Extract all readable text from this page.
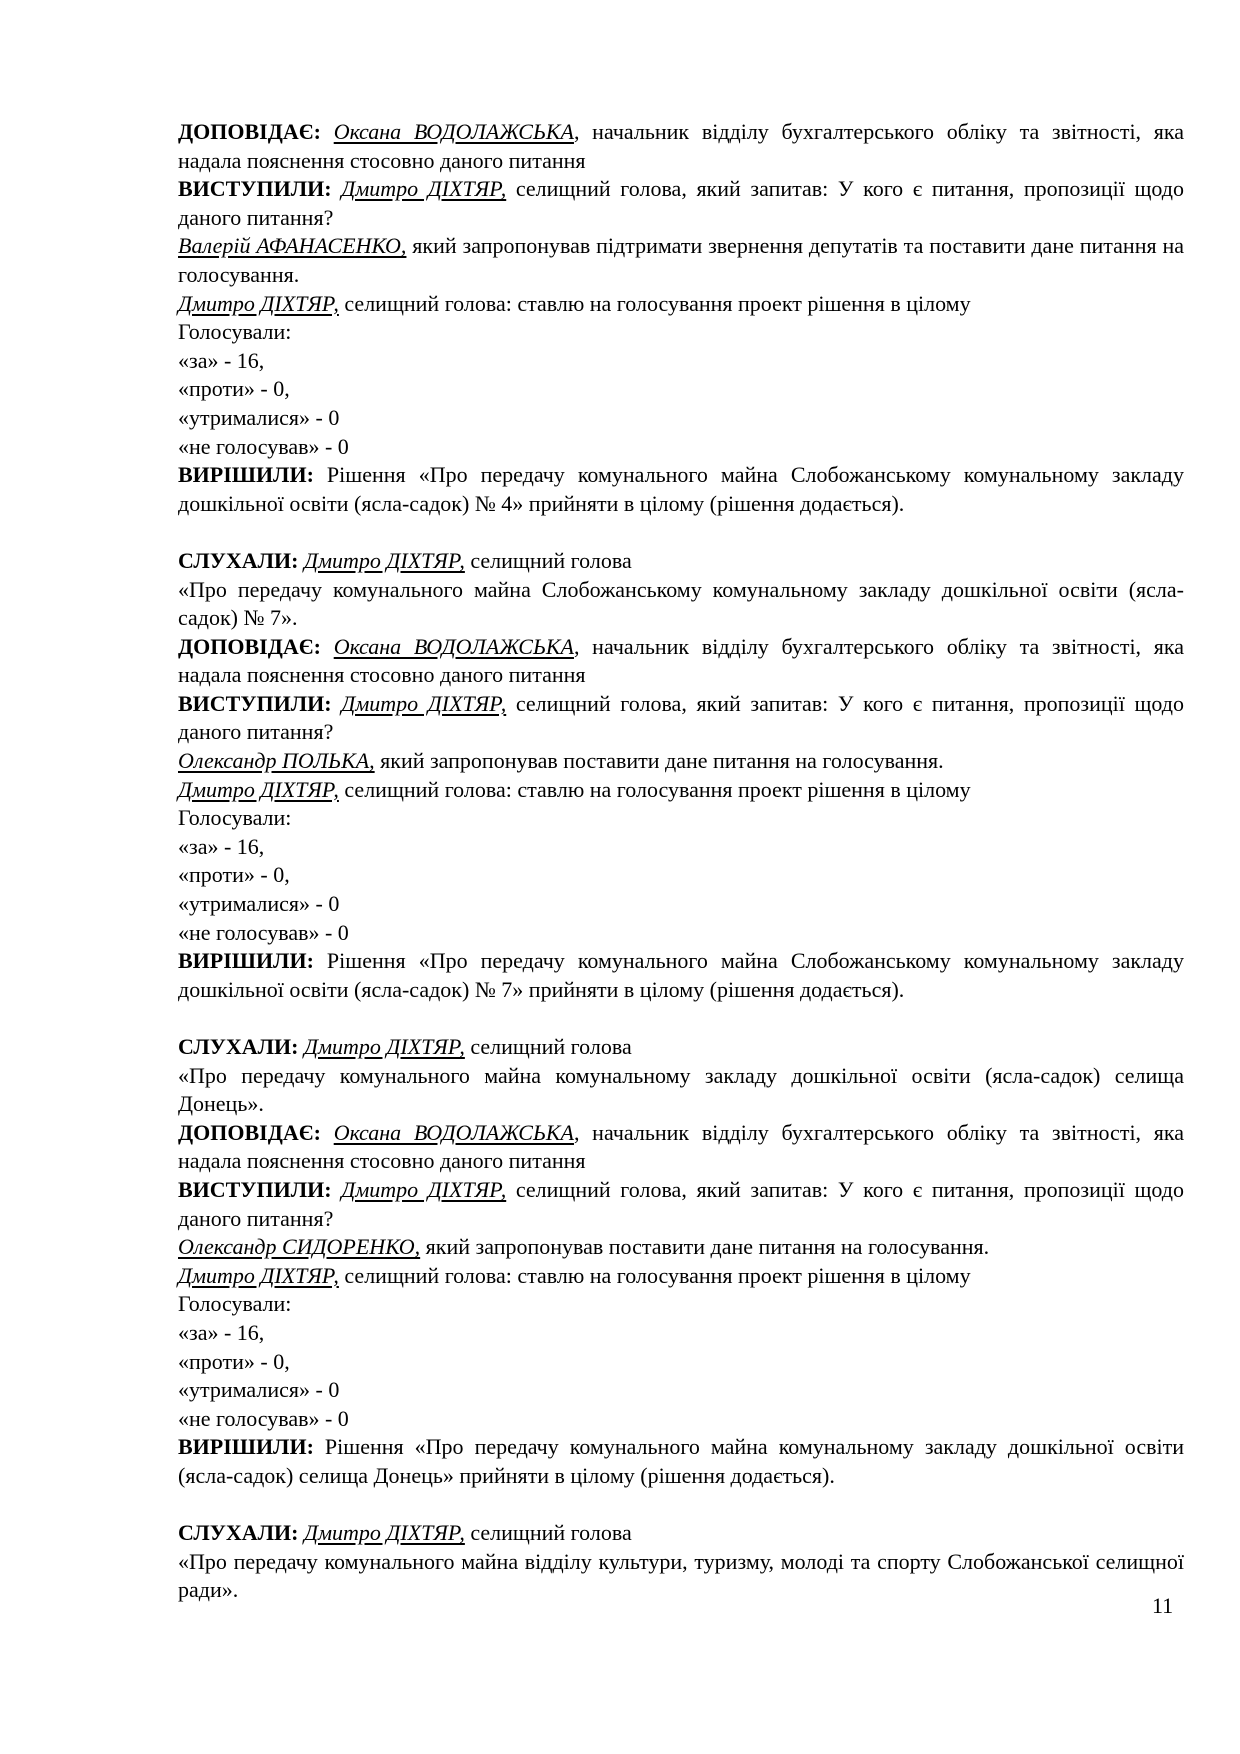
ДОПОВІДАЄ: Оксана ВОДОЛАЖСЬКА, начальник відділу бухгалтерського обліку та звітності, яка надала пояснення стосовно даного питання

ВИСТУПИЛИ: Дмитро ДІХТЯР, селищний голова, який запитав: У кого є питання, пропозиції щодо даного питання?

Валерій АФАНАСЕНКО, який запропонував підтримати звернення депутатів та поставити дане питання на голосування.

Дмитро ДІХТЯР, селищний голова: ставлю на голосування проект рішення в цілому

Голосували:

«за» - 16,

«проти» - 0,

«утрималися» - 0

«не голосував» - 0

ВИРІШИЛИ: Рішення «Про передачу комунального майна Слобожанському комунальному закладу дошкільної освіти (ясла-садок) № 4» прийняти в цілому (рішення додається).

СЛУХАЛИ: Дмитро ДІХТЯР, селищний голова

«Про передачу комунального майна Слобожанському комунальному закладу дошкільної освіти (ясла-садок) № 7».

ДОПОВІДАЄ: Оксана ВОДОЛАЖСЬКА, начальник відділу бухгалтерського обліку та звітності, яка надала пояснення стосовно даного питання

ВИСТУПИЛИ: Дмитро ДІХТЯР, селищний голова, який запитав: У кого є питання, пропозиції щодо даного питання?

Олександр ПОЛЬКА, який запропонував поставити дане питання на голосування.

Дмитро ДІХТЯР, селищний голова: ставлю на голосування проект рішення в цілому

Голосували:

«за» - 16,

«проти» - 0,

«утрималися» - 0

«не голосував» - 0

ВИРІШИЛИ: Рішення «Про передачу комунального майна Слобожанському комунальному закладу дошкільної освіти (ясла-садок) № 7» прийняти в цілому (рішення додається).

СЛУХАЛИ: Дмитро ДІХТЯР, селищний голова

«Про передачу комунального майна комунальному закладу дошкільної освіти (ясла-садок) селища Донець».

ДОПОВІДАЄ: Оксана ВОДОЛАЖСЬКА, начальник відділу бухгалтерського обліку та звітності, яка надала пояснення стосовно даного питання

ВИСТУПИЛИ: Дмитро ДІХТЯР, селищний голова, який запитав: У кого є питання, пропозиції щодо даного питання?

Олександр СИДОРЕНКО, який запропонував поставити дане питання на голосування.

Дмитро ДІХТЯР, селищний голова: ставлю на голосування проект рішення в цілому

Голосували:

«за» - 16,

«проти» - 0,

«утрималися» - 0

«не голосував» - 0

ВИРІШИЛИ: Рішення «Про передачу комунального майна комунальному закладу дошкільної освіти (ясла-садок) селища Донець» прийняти в цілому (рішення додається).

СЛУХАЛИ: Дмитро ДІХТЯР, селищний голова

«Про передачу комунального майна відділу культури, туризму, молоді та спорту Слобожанської селищної ради».

11
